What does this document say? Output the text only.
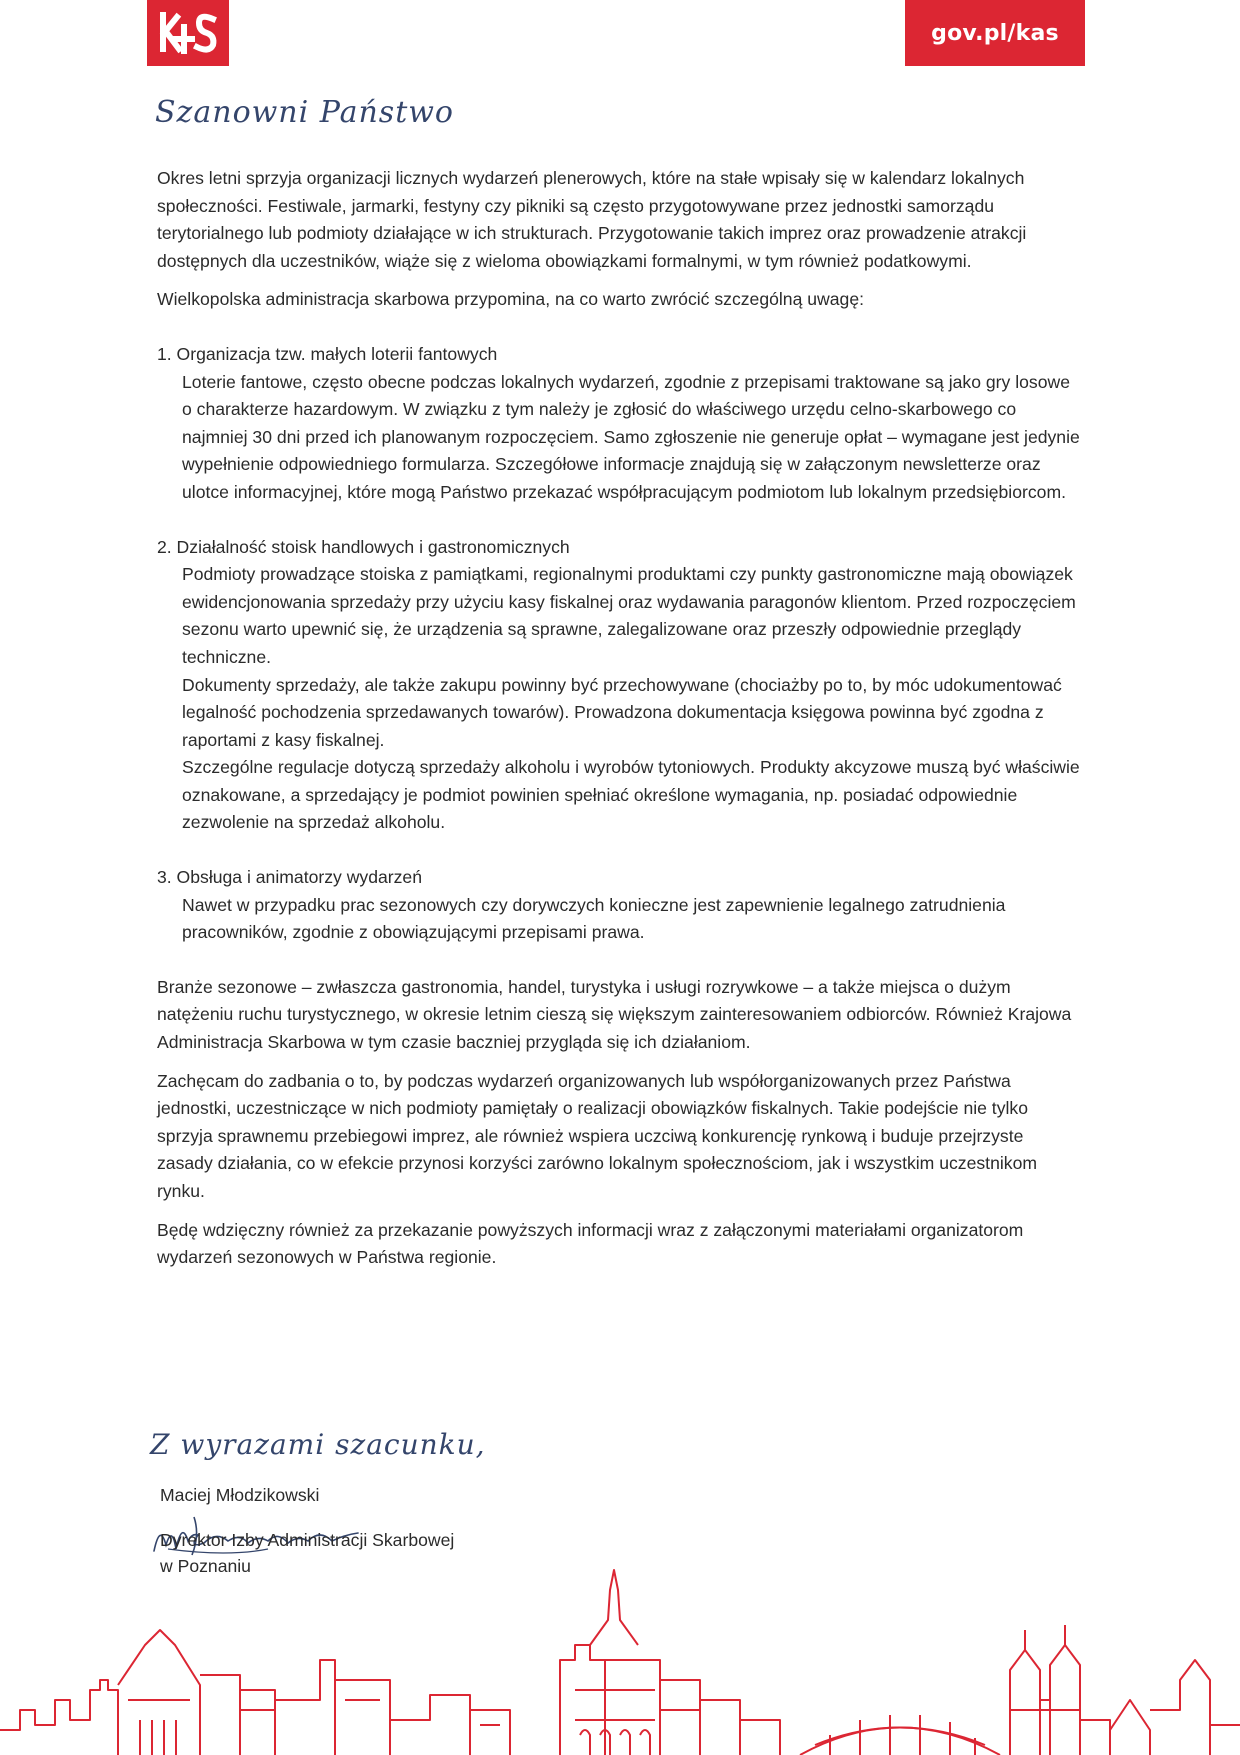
gov.pl/kas
Szanowni Państwo

Okres letni sprzyja organizacji licznych wydarzeń plenerowych, które na stałe wpisały się w kalendarz lokalnych społeczności. Festiwale, jarmarki, festyny czy pikniki są często przygotowywane przez jednostki samorządu terytorialnego lub podmioty działające w ich strukturach. Przygotowanie takich imprez oraz prowadzenie atrakcji dostępnych dla uczestników, wiąże się z wieloma obowiązkami formalnymi, w tym również podatkowymi.

Wielkopolska administracja skarbowa przypomina, na co warto zwrócić szczególną uwagę:

1. Organizacja tzw. małych loterii fantowych

Loterie fantowe, często obecne podczas lokalnych wydarzeń, zgodnie z przepisami traktowane są jako gry losowe o charakterze hazardowym. W związku z tym należy je zgłosić do właściwego urzędu celno-skarbowego co najmniej 30 dni przed ich planowanym rozpoczęciem. Samo zgłoszenie nie generuje opłat – wymagane jest jedynie wypełnienie odpowiedniego formularza. Szczegółowe informacje znajdują się w załączonym newsletterze oraz ulotce informacyjnej, które mogą Państwo przekazać współpracującym podmiotom lub lokalnym przedsiębiorcom.

2. Działalność stoisk handlowych i gastronomicznych

Podmioty prowadzące stoiska z pamiątkami, regionalnymi produktami czy punkty gastronomiczne mają obowiązek ewidencjonowania sprzedaży przy użyciu kasy fiskalnej oraz wydawania paragonów klientom. Przed rozpoczęciem sezonu warto upewnić się, że urządzenia są sprawne, zalegalizowane oraz przeszły odpowiednie przeglądy techniczne.

Dokumenty sprzedaży, ale także zakupu powinny być przechowywane (chociażby po to, by móc udokumentować legalność pochodzenia sprzedawanych towarów). Prowadzona dokumentacja księgowa powinna być zgodna z raportami z kasy fiskalnej.

Szczególne regulacje dotyczą sprzedaży alkoholu i wyrobów tytoniowych. Produkty akcyzowe muszą być właściwie oznakowane, a sprzedający je podmiot powinien spełniać określone wymagania, np. posiadać odpowiednie zezwolenie na sprzedaż alkoholu.

3. Obsługa i animatorzy wydarzeń

Nawet w przypadku prac sezonowych czy dorywczych konieczne jest zapewnienie legalnego zatrudnienia pracowników, zgodnie z obowiązującymi przepisami prawa.

Branże sezonowe – zwłaszcza gastronomia, handel, turystyka i usługi rozrywkowe – a także miejsca o dużym natężeniu ruchu turystycznego, w okresie letnim cieszą się większym zainteresowaniem odbiorców. Również Krajowa Administracja Skarbowa w tym czasie baczniej przygląda się ich działaniom.

Zachęcam do zadbania o to, by podczas wydarzeń organizowanych lub współorganizowanych przez Państwa jednostki, uczestniczące w nich podmioty pamiętały o realizacji obowiązków fiskalnych. Takie podejście nie tylko sprzyja sprawnemu przebiegowi imprez, ale również wspiera uczciwą konkurencję rynkową i buduje przejrzyste zasady działania, co w efekcie przynosi korzyści zarówno lokalnym społecznościom, jak i wszystkim uczestnikom rynku.

Będę wdzięczny również za przekazanie powyższych informacji wraz z załączonymi materiałami organizatorom wydarzeń sezonowych w Państwa regionie.

Z wyrazami szacunku,
Maciej Młodzikowski
Dyrektor Izby Administracji Skarbowej
w Poznaniu
